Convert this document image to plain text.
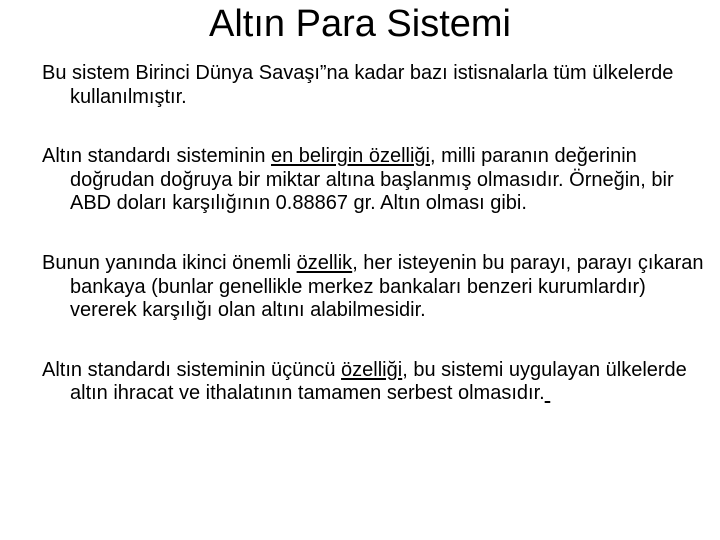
Altın Para Sistemi

Bu sistem Birinci Dünya Savaşı”na kadar bazı istisnalarla tüm ülkelerde kullanılmıştır.

Altın standardı sisteminin en belirgin özelliği, milli paranın değerinin doğrudan doğruya bir miktar altına başlanmış olmasıdır. Örneğin, bir ABD doları karşılığının 0.88867 gr. Altın olması gibi.

Bunun yanında ikinci önemli özellik, her isteyenin bu parayı, parayı çıkaran bankaya (bunlar genellikle merkez bankaları benzeri kurumlardır) vererek karşılığı olan altını alabilmesidir.

Altın standardı sisteminin üçüncü özelliği, bu sistemi uygulayan ülkelerde altın ihracat ve ithalatının tamamen serbest olmasıdır.
